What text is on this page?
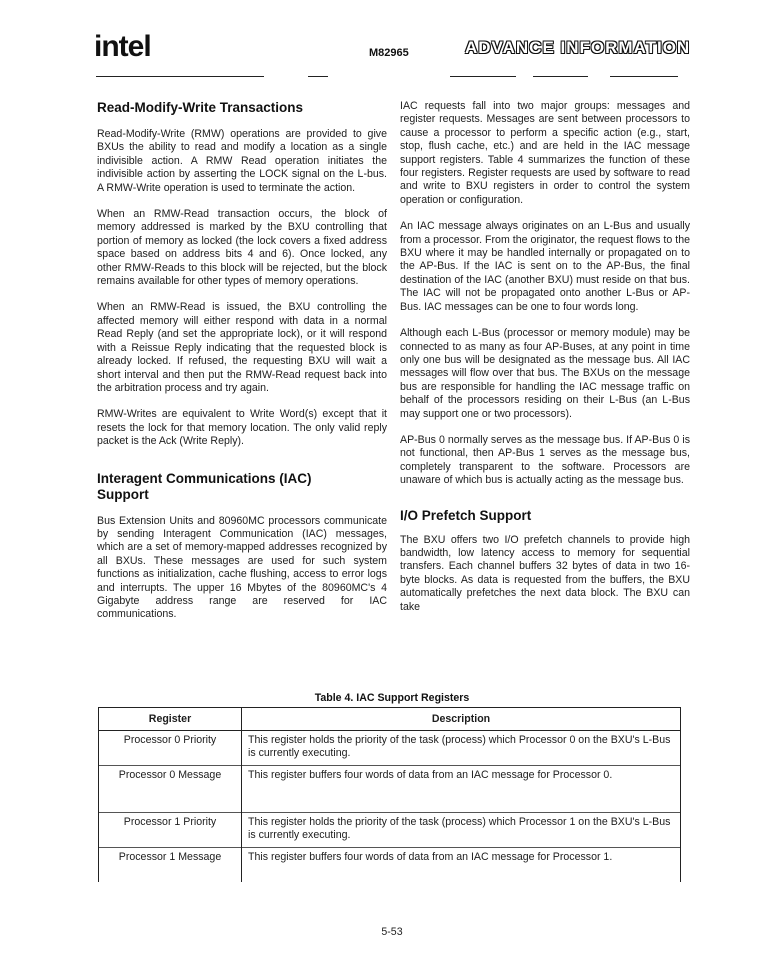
intel	M82965	ADVANCE INFORMATION
Read-Modify-Write Transactions

Read-Modify-Write (RMW) operations are provided to give BXUs the ability to read and modify a location as a single indivisible action. A RMW Read operation initiates the indivisible action by asserting the LOCK signal on the L-bus. A RMW-Write operation is used to terminate the action.

When an RMW-Read transaction occurs, the block of memory addressed is marked by the BXU controlling that portion of memory as locked (the lock covers a fixed address space based on address bits 4 and 6). Once locked, any other RMW-Reads to this block will be rejected, but the block remains available for other types of memory operations.

When an RMW-Read is issued, the BXU controlling the affected memory will either respond with data in a normal Read Reply (and set the appropriate lock), or it will respond with a Reissue Reply indicating that the requested block is already locked. If refused, the requesting BXU will wait a short interval and then put the RMW-Read request back into the arbitration process and try again.

RMW-Writes are equivalent to Write Word(s) except that it resets the lock for that memory location. The only valid reply packet is the Ack (Write Reply).

Interagent Communications (IAC) Support

Bus Extension Units and 80960MC processors communicate by sending Interagent Communication (IAC) messages, which are a set of memory-mapped addresses recognized by all BXUs. These messages are used for such system functions as initialization, cache flushing, access to error logs and interrupts. The upper 16 Mbytes of the 80960MC's 4 Gigabyte address range are reserved for IAC communications.

IAC requests fall into two major groups: messages and register requests. Messages are sent between processors to cause a processor to perform a specific action (e.g., start, stop, flush cache, etc.) and are held in the IAC message support registers. Table 4 summarizes the function of these four registers. Register requests are used by software to read and write to BXU registers in order to control the system operation or configuration.

An IAC message always originates on an L-Bus and usually from a processor. From the originator, the request flows to the BXU where it may be handled internally or propagated on to the AP-Bus. If the IAC is sent on to the AP-Bus, the final destination of the IAC (another BXU) must reside on that bus. The IAC will not be propagated onto another L-Bus or AP-Bus. IAC messages can be one to four words long.

Although each L-Bus (processor or memory module) may be connected to as many as four AP-Buses, at any point in time only one bus will be designated as the message bus. All IAC messages will flow over that bus. The BXUs on the message bus are responsible for handling the IAC message traffic on behalf of the processors residing on their L-Bus (an L-Bus may support one or two processors).

AP-Bus 0 normally serves as the message bus. If AP-Bus 0 is not functional, then AP-Bus 1 serves as the message bus, completely transparent to the software. Processors are unaware of which bus is actually acting as the message bus.

I/O Prefetch Support

The BXU offers two I/O prefetch channels to provide high bandwidth, low latency access to memory for sequential transfers. Each channel buffers 32 bytes of data in two 16-byte blocks. As data is requested from the buffers, the BXU automatically prefetches the next data block. The BXU can take

Table 4. IAC Support Registers
Register	Description
Processor 0 Priority	This register holds the priority of the task (process) which Processor 0 on the BXU's L-Bus is currently executing.
Processor 0 Message	This register buffers four words of data from an IAC message for Processor 0.
Processor 1 Priority	This register holds the priority of the task (process) which Processor 1 on the BXU's L-Bus is currently executing.
Processor 1 Message	This register buffers four words of data from an IAC message for Processor 1.
5-53
